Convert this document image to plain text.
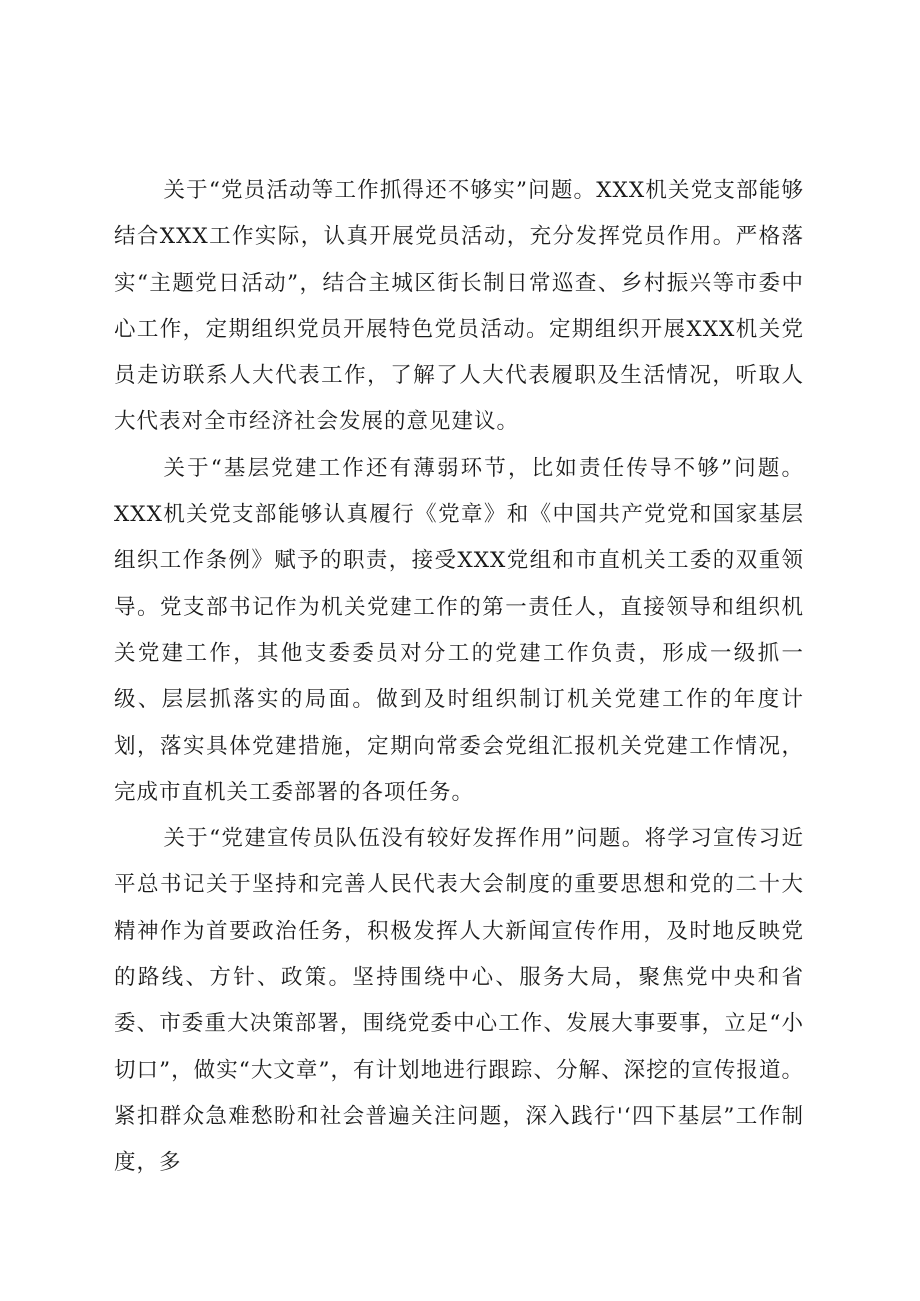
关于“党员活动等工作抓得还不够实”问题。XXX机关党支部能够结合XXX工作实际，认真开展党员活动，充分发挥党员作用。严格落实“主题党日活动”，结合主城区街长制日常巡查、乡村振兴等市委中心工作，定期组织党员开展特色党员活动。定期组织开展XXX机关党员走访联系人大代表工作，了解了人大代表履职及生活情况，听取人大代表对全市经济社会发展的意见建议。

关于“基层党建工作还有薄弱环节，比如责任传导不够”问题。XXX机关党支部能够认真履行《党章》和《中国共产党党和国家基层组织工作条例》赋予的职责，接受XXX党组和市直机关工委的双重领导。党支部书记作为机关党建工作的第一责任人，直接领导和组织机关党建工作，其他支委委员对分工的党建工作负责，形成一级抓一级、层层抓落实的局面。做到及时组织制订机关党建工作的年度计划，落实具体党建措施，定期向常委会党组汇报机关党建工作情况，完成市直机关工委部署的各项任务。

关于“党建宣传员队伍没有较好发挥作用”问题。将学习宣传习近平总书记关于坚持和完善人民代表大会制度的重要思想和党的二十大精神作为首要政治任务，积极发挥人大新闻宣传作用，及时地反映党的路线、方针、政策。坚持围绕中心、服务大局，聚焦党中央和省委、市委重大决策部署，围绕党委中心工作、发展大事要事，立足“小切口”，做实“大文章”，有计划地进行跟踪、分解、深挖的宣传报道。紧扣群众急难愁盼和社会普遍关注问题，深入践行'‘四下基层”工作制度，多
